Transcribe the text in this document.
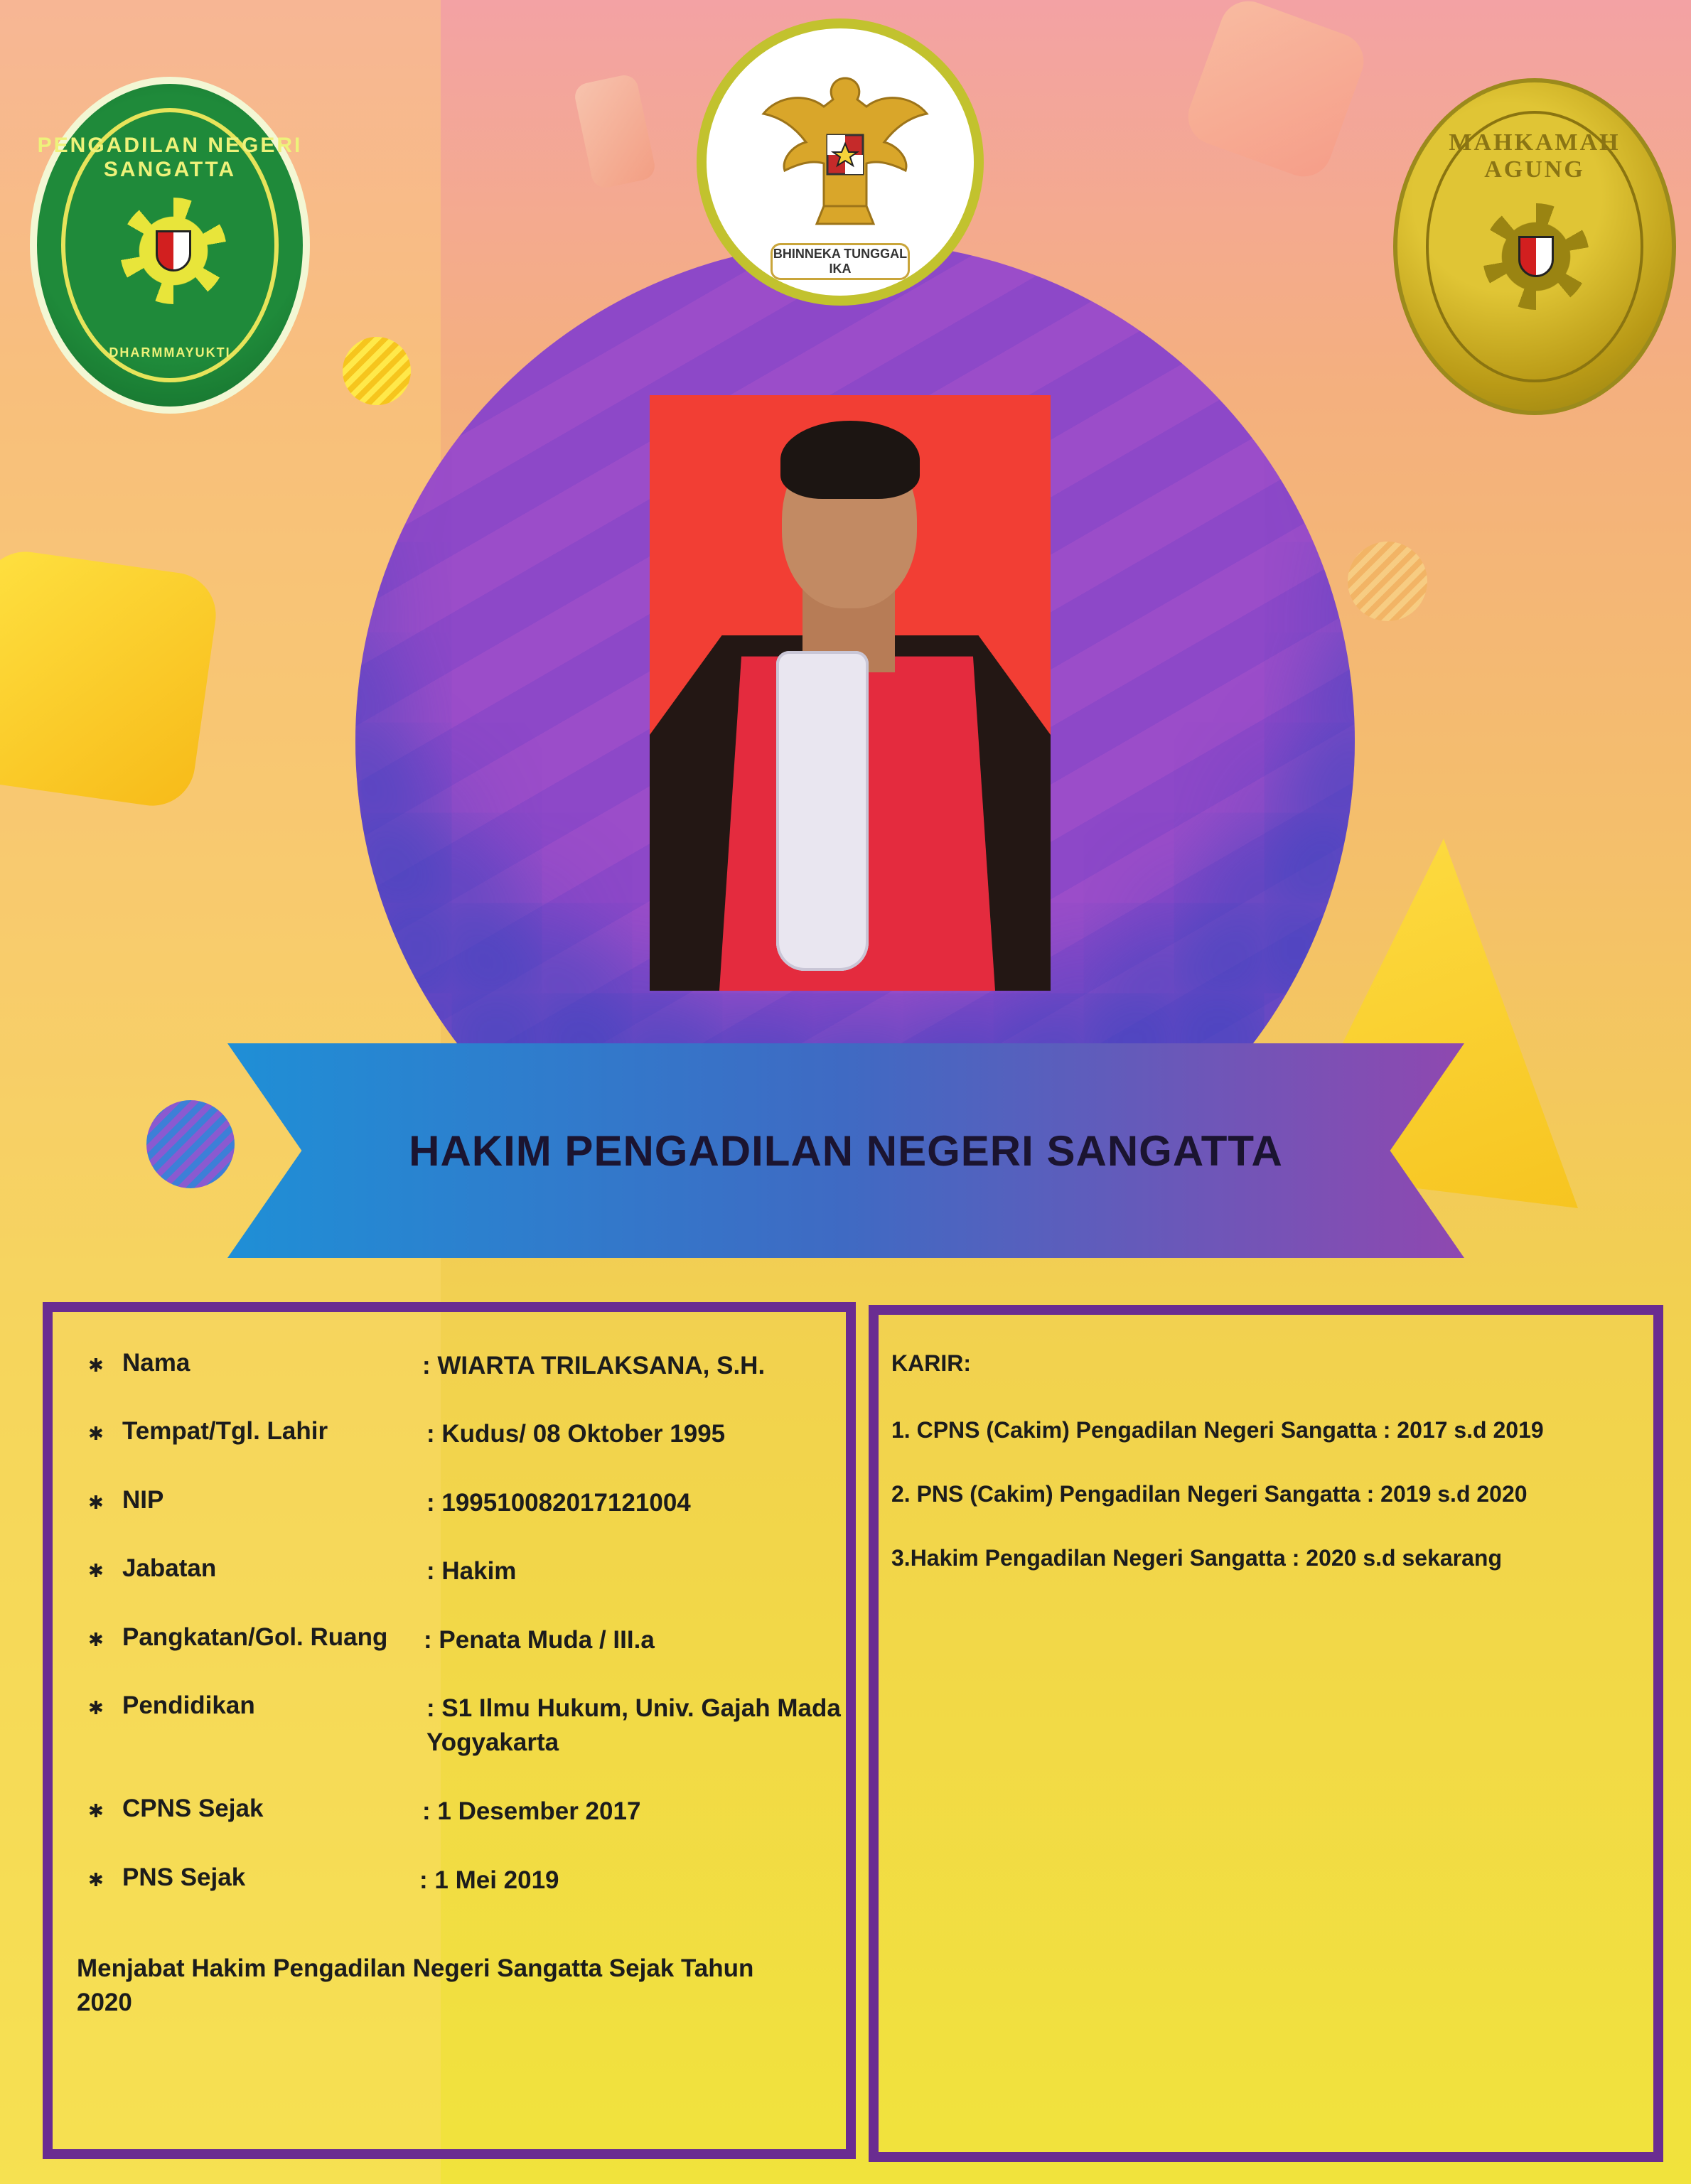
PENGADILAN NEGERI SANGATTA
DHARMMAYUKTI
BHINNEKA TUNGGAL IKA
MAHKAMAH AGUNG
HAKIM PENGADILAN NEGERI SANGATTA
✱ Nama	: WIARTA TRILAKSANA, S.H.
✱ Tempat/Tgl. Lahir	: Kudus/ 08 Oktober 1995
✱ NIP	: 199510082017121004
✱ Jabatan	: Hakim
✱ Pangkatan/Gol. Ruang : Penata Muda / III.a
✱ Pendidikan	: S1 Ilmu Hukum, Univ. Gajah Mada Yogyakarta
✱ CPNS Sejak	: 1 Desember 2017
✱ PNS Sejak	: 1 Mei 2019
Menjabat Hakim Pengadilan Negeri Sangatta Sejak Tahun 2020
KARIR:
1. CPNS (Cakim) Pengadilan Negeri Sangatta : 2017 s.d 2019
2. PNS (Cakim) Pengadilan Negeri Sangatta : 2019 s.d 2020
3.Hakim Pengadilan Negeri Sangatta : 2020 s.d sekarang
